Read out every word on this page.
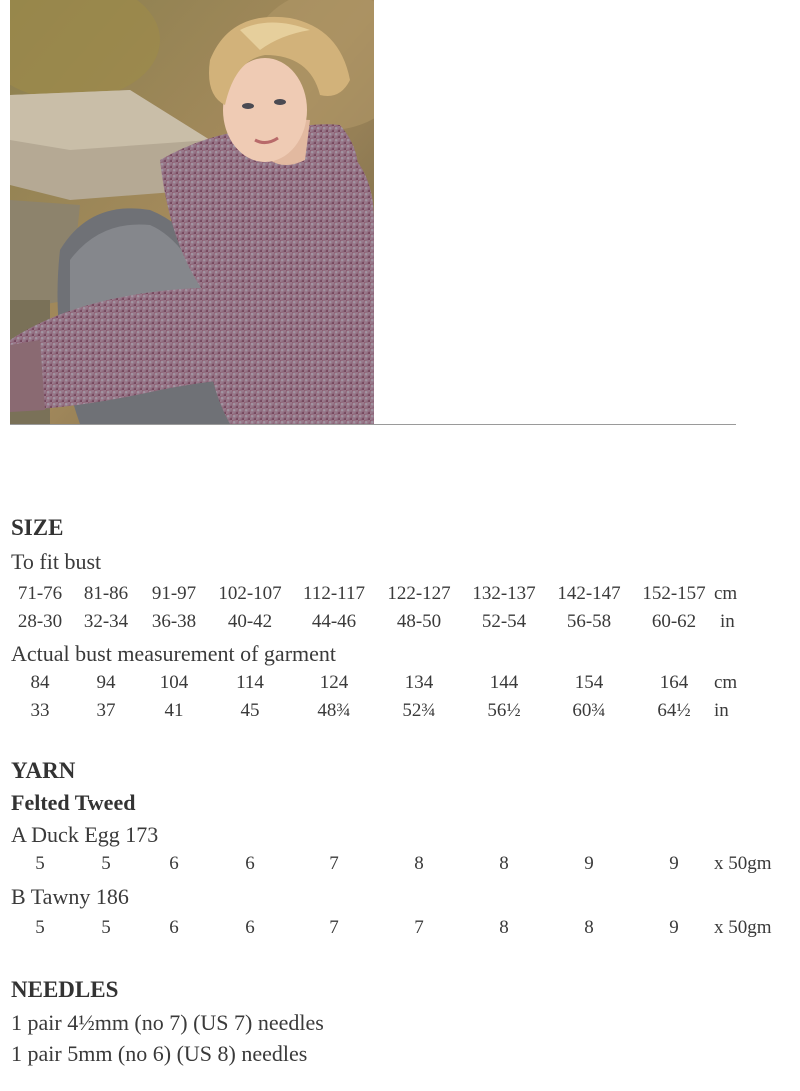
SIZE
To fit bust
71-76 81-86 91-97 102-107 112-117 122-127 132-137 142-147 152-157 cm
28-30 32-34 36-38 40-42 44-46 48-50 52-54 56-58 60-62 in
Actual bust measurement of garment
84 94 104	114	124	134	144	154	164 cm
33 37	41	45	48¾	52¾	56½	60¾	64½ in
YARN
Felted Tweed
A Duck Egg 173
5	5	6	6	7	8	8	9	9 x 50gm
B Tawny 186
5	5	6	6	7	7	8	8	9 x 50gm
NEEDLES
1 pair 4½mm (no 7) (US 7) needles
1 pair 5mm (no 6) (US 8) needles
